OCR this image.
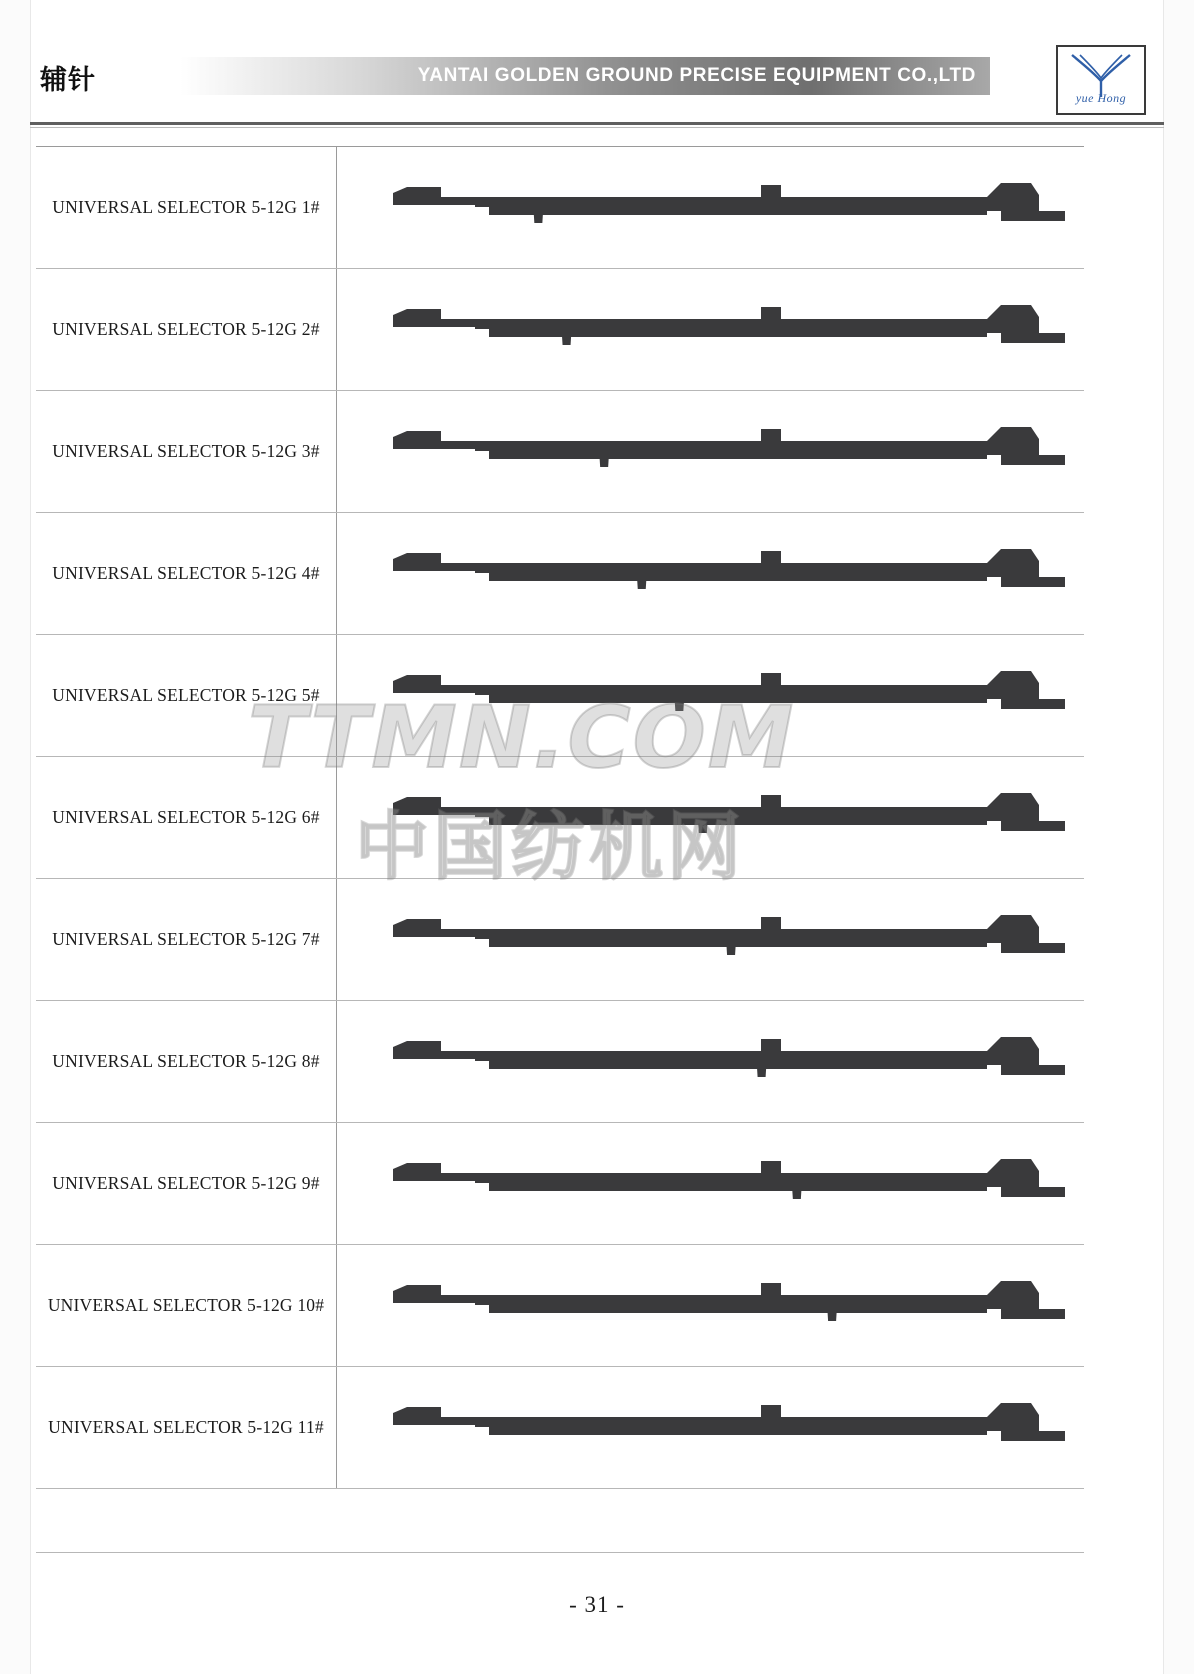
辅针	YANTAI GOLDEN GROUND PRECISE EQUIPMENT CO.,LTD
yue Hong
UNIVERSAL SELECTOR 5-12G 1#
UNIVERSAL SELECTOR 5-12G 2#
UNIVERSAL SELECTOR 5-12G 3#
UNIVERSAL SELECTOR 5-12G 4#
UNIVERSAL SELECTOR 5-12G 5#
UNIVERSAL SELECTOR 5-12G 6#
UNIVERSAL SELECTOR 5-12G 7#
UNIVERSAL SELECTOR 5-12G 8#
UNIVERSAL SELECTOR 5-12G 9#
UNIVERSAL SELECTOR 5-12G 10#
UNIVERSAL SELECTOR 5-12G 11#
TTMN.COM
中国纺机网
- 31 -
